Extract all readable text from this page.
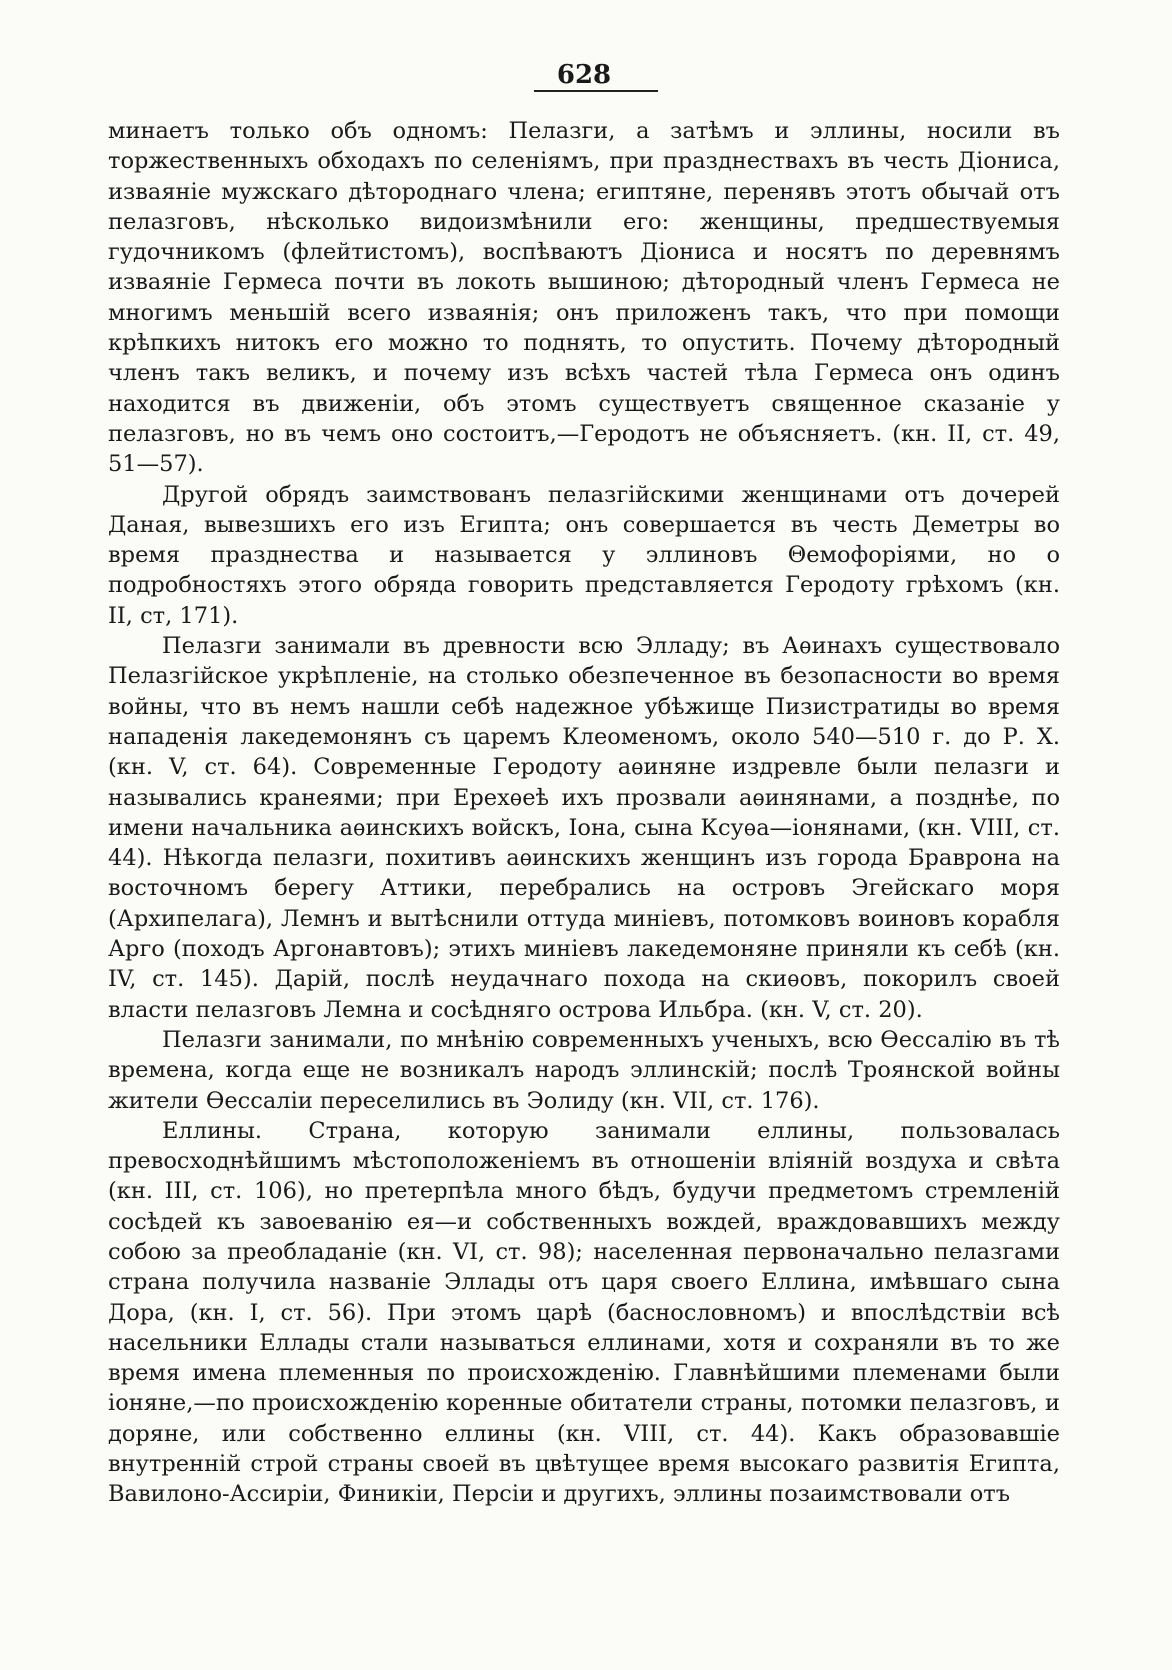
628

минаетъ только объ одномъ: Пелазги, а затѣмъ и эллины, носили въ торжественныхъ обходахъ по селеніямъ, при празднествахъ въ честь Діониса, изваяніе мужскаго дѣтороднаго члена; египтяне, перенявъ этотъ обычай отъ пелазговъ, нѣсколько видоизмѣнили его: женщины, предшествуемыя гудочникомъ (флейтистомъ), воспѣваютъ Діониса и носятъ по деревнямъ изваяніе Гермеса почти въ локоть вышиною; дѣтородный членъ Гермеса не многимъ меньшій всего изваянія; онъ приложенъ такъ, что при помощи крѣпкихъ нитокъ его можно то поднять, то опустить. Почему дѣтородный членъ такъ великъ, и почему изъ всѣхъ частей тѣла Гермеса онъ одинъ находится въ движеніи, объ этомъ существуетъ священное сказаніе у пелазговъ, но въ чемъ оно состоитъ,—Геродотъ не объясняетъ. (кн. II, ст. 49, 51—57).

Другой обрядъ заимствованъ пелазгійскими женщинами отъ дочерей Даная, вывезшихъ его изъ Египта; онъ совершается въ честь Деметры во время празднества и называется у эллиновъ Θемофоріями, но о подробностяхъ этого обряда говорить представляется Геродоту грѣхомъ (кн. II, ст, 171).

Пелазги занимали въ древности всю Элладу; въ Аѳинахъ существовало Пелазгійское укрѣпленіе, на столько обезпеченное въ безопасности во время войны, что въ немъ нашли себѣ надежное убѣжище Пизистратиды во время нападенія лакедемонянъ съ царемъ Клеоменомъ, около 540—510 г. до Р. Х. (кн. V, ст. 64). Современные Геродоту аѳиняне издревле были пелазги и назывались кранеями; при Ерехѳеѣ ихъ прозвали аѳинянами, а позднѣе, по имени начальника аѳинскихъ войскъ, Іона, сына Ксуѳа—іонянами, (кн. VIII, ст. 44). Нѣкогда пелазги, похитивъ аѳинскихъ женщинъ изъ города Браврона на восточномъ берегу Аттики, перебрались на островъ Эгейскаго моря (Архипелага), Лемнъ и вытѣснили оттуда миніевъ, потомковъ воиновъ корабля Арго (походъ Аргонавтовъ); этихъ миніевъ лакедемоняне приняли къ себѣ (кн. IV, ст. 145). Дарій, послѣ неудачнаго похода на скиѳовъ, покорилъ своей власти пелазговъ Лемна и сосѣдняго острова Ильбра. (кн. V, ст. 20).

Пелазги занимали, по мнѣнію современныхъ ученыхъ, всю Ѳессалію въ тѣ времена, когда еще не возникалъ народъ эллинскій; послѣ Троянской войны жители Ѳессаліи переселились въ Эолиду (кн. VII, ст. 176).

Еллины. Страна, которую занимали еллины, пользовалась превосходнѣйшимъ мѣстоположеніемъ въ отношеніи вліяній воздуха и свѣта (кн. III, ст. 106), но претерпѣла много бѣдъ, будучи предметомъ стремленій сосѣдей къ завоеванію ея—и собственныхъ вождей, враждовавшихъ между собою за преобладаніе (кн. VI, ст. 98); населенная первоначально пелазгами страна получила названіе Эллады отъ царя своего Еллина, имѣвшаго сына Дора, (кн. I, ст. 56). При этомъ царѣ (баснословномъ) и впослѣдствіи всѣ насельники Еллады стали называться еллинами, хотя и сохраняли въ то же время имена племенныя по происхожденію. Главнѣйшими племенами были іоняне,—по происхожденію коренные обитатели страны, потомки пелазговъ, и доряне, или собственно еллины (кн. VIII, ст. 44). Какъ образовавшіе внутренній строй страны своей въ цвѣтущее время высокаго развитія Египта, Вавилоно-Ассиріи, Финикіи, Персіи и другихъ, эллины позаимствовали отъ
